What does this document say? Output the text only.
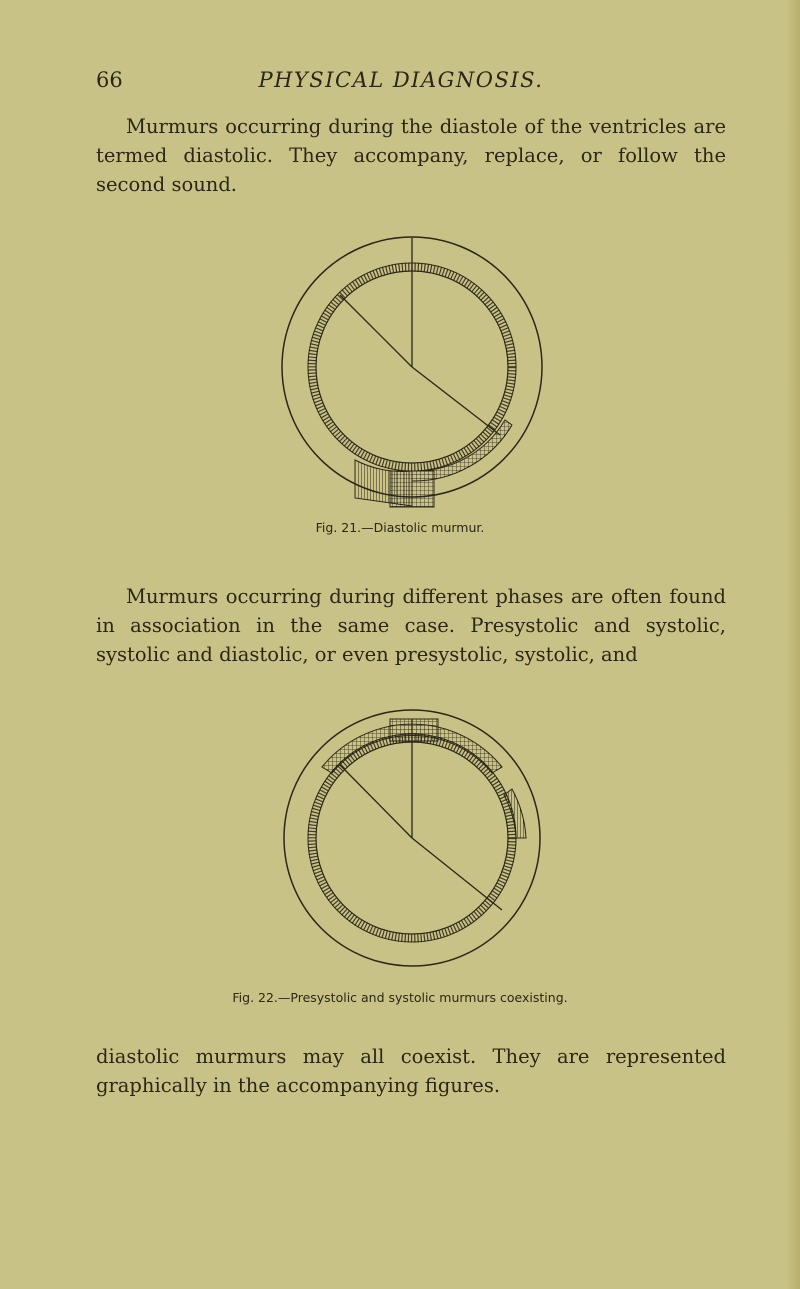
66	PHYSICAL DIAGNOSIS.

Murmurs occurring during the diastole of the ventricles are termed diastolic. They accompany, replace, or follow the second sound.

Fig. 21.—Diastolic murmur.

Murmurs occurring during different phases are often found in association in the same case. Presystolic and systolic, systolic and diastolic, or even presystolic, systolic, and

Fig. 22.—Presystolic and systolic murmurs coexisting.

diastolic murmurs may all coexist. They are represented graphically in the accompanying figures.
